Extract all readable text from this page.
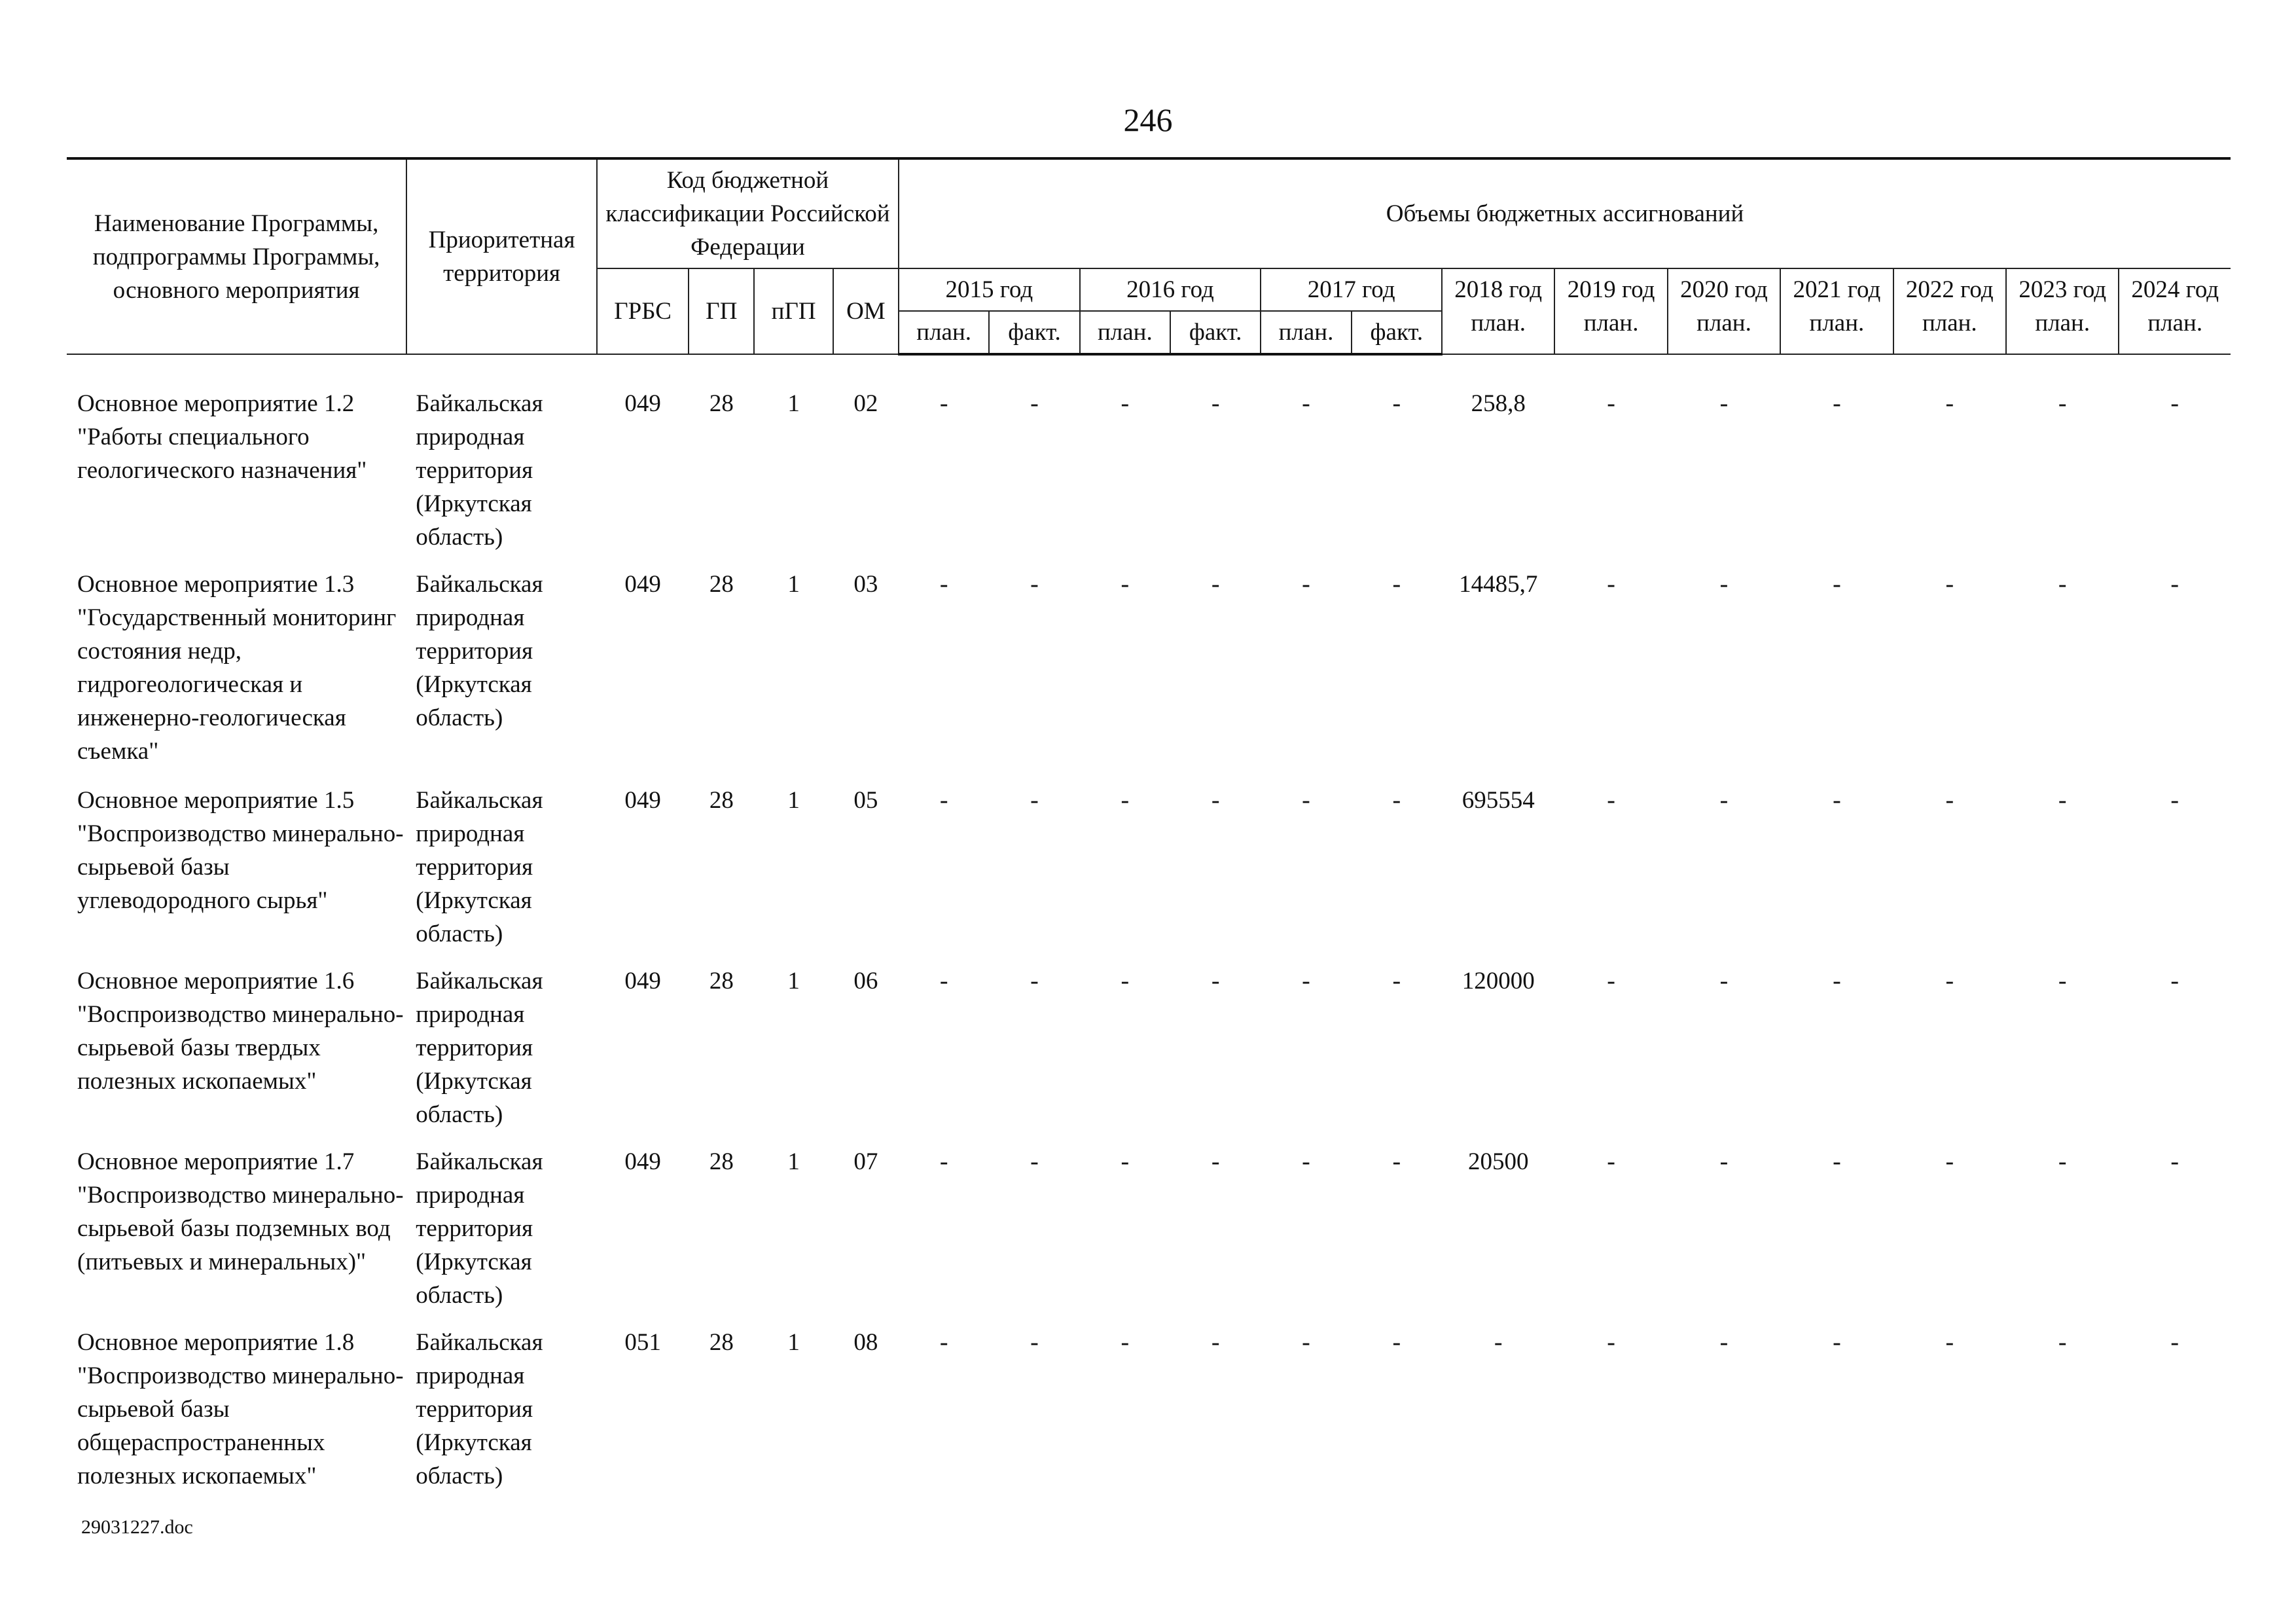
246
Наименование Программы, подпрограммы Программы, основного мероприятия	Приоритетная территория	Код бюджетной классификации Российской Федерации				Объемы бюджетных ассигнований												
		ГРБС	ГП	пГП	ОМ	2015 год		2016 год		2017 год		2018 год план.	2019 год план.	2020 год план.	2021 год план.	2022 год план.	2023 год план.	2024 год план.
						план.	факт.	план.	факт.	план.	факт.							

Основное мероприятие 1.2 "Работы специального геологического назначения"	Байкальская природная территория (Иркутская область)	049	28	1	02	-	-	-	-	-	-	258,8	-	-	-	-	-	-
Основное мероприятие 1.3 "Государственный мониторинг состояния недр, гидрогеологическая и инженерно-геологическая съемка"	Байкальская природная территория (Иркутская область)	049	28	1	03	-	-	-	-	-	-	14485,7	-	-	-	-	-	-
Основное мероприятие 1.5 "Воспроизводство минерально-сырьевой базы углеводородного сырья"	Байкальская природная территория (Иркутская область)	049	28	1	05	-	-	-	-	-	-	695554	-	-	-	-	-	-
Основное мероприятие 1.6 "Воспроизводство минерально-сырьевой базы твердых полезных ископаемых"	Байкальская природная территория (Иркутская область)	049	28	1	06	-	-	-	-	-	-	120000	-	-	-	-	-	-
Основное мероприятие 1.7 "Воспроизводство минерально-сырьевой базы подземных вод (питьевых и минеральных)"	Байкальская природная территория (Иркутская область)	049	28	1	07	-	-	-	-	-	-	20500	-	-	-	-	-	-
Основное мероприятие 1.8 "Воспроизводство минерально-сырьевой базы общераспространенных полезных ископаемых"	Байкальская природная территория (Иркутская область)	051	28	1	08	-	-	-	-	-	-	-	-	-	-	-	-	-
29031227.doc
